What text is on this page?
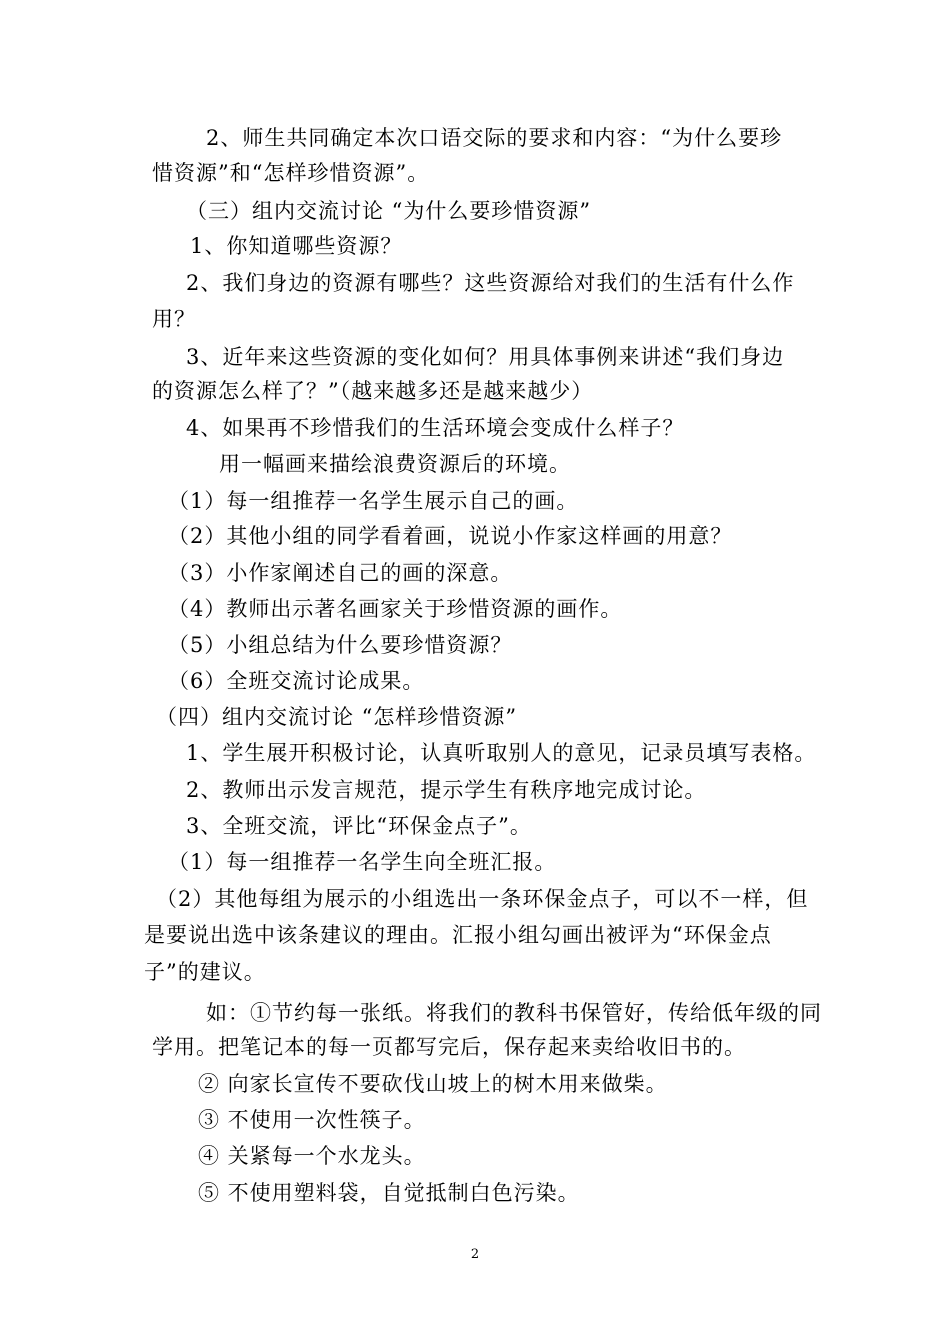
2、师生共同确定本次口语交际的要求和内容：“为什么要珍
惜资源”和“怎样珍惜资源”。
（三）组内交流讨论 “为什么要珍惜资源”
1、你知道哪些资源？
2、我们身边的资源有哪些？这些资源给对我们的生活有什么作
用？
3、近年来这些资源的变化如何？用具体事例来讲述“我们身边
的资源怎么样了？”（越来越多还是越来越少）
4、如果再不珍惜我们的生活环境会变成什么样子？
用一幅画来描绘浪费资源后的环境。
（1）每一组推荐一名学生展示自己的画。
（2）其他小组的同学看着画，说说小作家这样画的用意？
（3）小作家阐述自己的画的深意。
（4）教师出示著名画家关于珍惜资源的画作。
（5）小组总结为什么要珍惜资源？
（6）全班交流讨论成果。
（四）组内交流讨论 “怎样珍惜资源”
1、学生展开积极讨论，认真听取别人的意见，记录员填写表格。
2、教师出示发言规范，提示学生有秩序地完成讨论。
3、全班交流，评比“环保金点子”。
（1）每一组推荐一名学生向全班汇报。
（2）其他每组为展示的小组选出一条环保金点子，可以不一样，但
是要说出选中该条建议的理由。汇报小组勾画出被评为“环保金点
子”的建议。
如：①节约每一张纸。将我们的教科书保管好，传给低年级的同
学用。把笔记本的每一页都写完后，保存起来卖给收旧书的。
② 向家长宣传不要砍伐山坡上的树木用来做柴。
③ 不使用一次性筷子。
④ 关紧每一个水龙头。
⑤ 不使用塑料袋，自觉抵制白色污染。
2
